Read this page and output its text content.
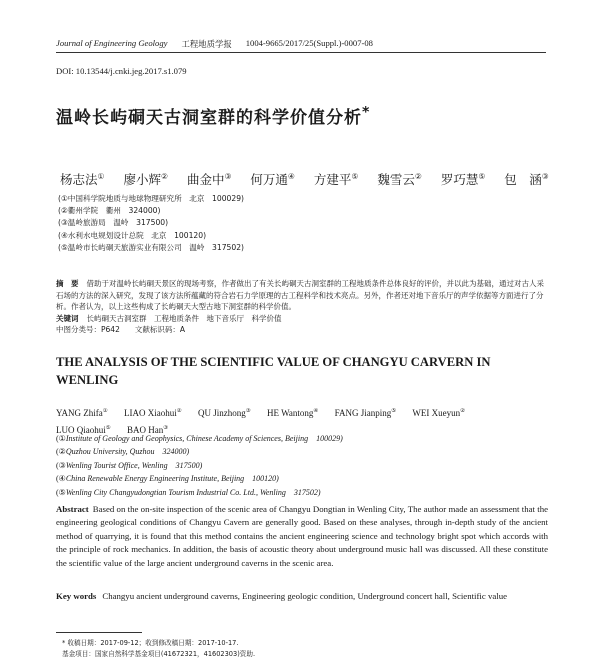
Journal of Engineering Geology 工程地质学报 1004-9665/2017/25(Suppl.)-0007-08
DOI: 10.13544/j.cnki.jeg.2017.s1.079
温岭长屿硐天古洞室群的科学价值分析*
杨志法① 廖小辉② 曲金中③ 何万通④ 方建平⑤ 魏雪云② 罗巧慧⑤ 包　涵③
(①中国科学院地质与地球物理研究所　北京　100029)
(②衢州学院　衢州　324000)
(③温岭旅游局　温岭　317500)
(④水利水电规划设计总院　北京　100120)
(⑤温岭市长屿硐天旅游实业有限公司　温岭　317502)
摘　要 借助于对温岭长屿硐天景区的现场考察，作者做出了有关长屿硐天古洞室群的工程地质条件总体良好的评价，并以此为基础，通过对古人采石场的方法的深入研究，发现了该方法所蕴藏的符合岩石力学原理的古工程科学和技术亮点。另外，作者还对地下音乐厅的声学依据等方面进行了分析。作者认为，以上这些构成了长屿硐天大型古地下洞室群的科学价值。
关键词 长屿硐天古洞室群　工程地质条件　地下音乐厅　科学价值
中图分类号：P642　　文献标识码：A
THE ANALYSIS OF THE SCIENTIFIC VALUE OF CHANGYU CARVERN IN WENLING
YANG Zhifa① LIAO Xiaohui② QU Jinzhong③ HE Wantong④ FANG Jianping⑤ WEI Xueyun② LUO Qiaohui⑤ BAO Han③
(①Institute of Geology and Geophysics, Chinese Academy of Sciences, Beijing　100029)
(②Quzhou University, Quzhou　324000)
(③Wenling Tourist Office, Wenling　317500)
(④China Renewable Energy Engineering Institute, Beijing　100120)
(⑤Wenling City Changyudongtian Tourism Industrial Co. Ltd., Wenling　317502)
Abstract Based on the on-site inspection of the scenic area of Changyu Dongtian in Wenling City, The author made an assessment that the engineering geological conditions of Changyu Cavern are generally good. Based on these analyses, through in-depth study of the ancient method of quarrying, it is found that this method contains the ancient engineering science and technology bright spot which accords with the principle of rock mechanics. In addition, the basis of acoustic theory about underground music hall was discussed. All these constitute the scientific value of the large ancient underground caverns in the scenic area.
Key words Changyu ancient underground caverns, Engineering geologic condition, Underground concert hall, Scientific value
* 收稿日期：2017-09-12；收到修改稿日期：2017-10-17.
基金项目：国家自然科学基金项目(41672321，41602303)资助.
